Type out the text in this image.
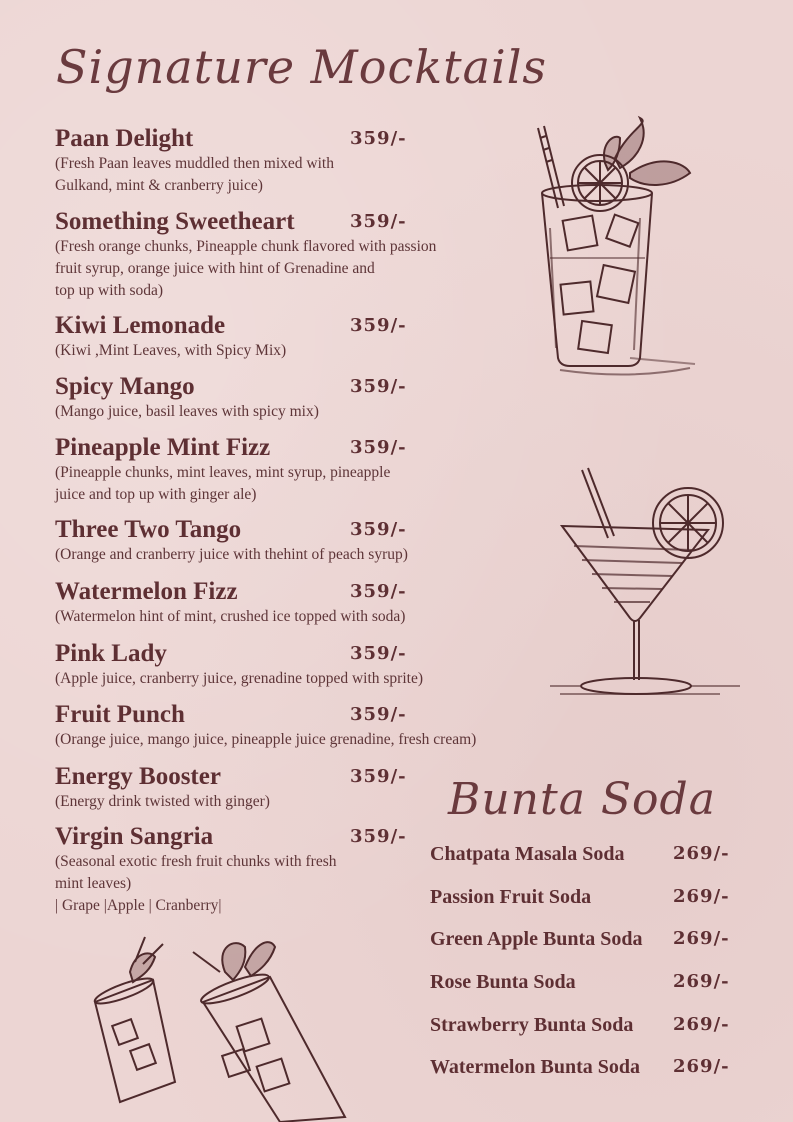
Signature Mocktails
Paan Delight	359/-
(Fresh Paan leaves muddled then mixed with
Gulkand, mint & cranberry juice)
Something Sweetheart	359/-
(Fresh orange chunks, Pineapple chunk flavored with passion
fruit syrup, orange juice with hint of Grenadine and
top up with soda)
Kiwi Lemonade	359/-
(Kiwi ,Mint Leaves, with Spicy Mix)
Spicy Mango	359/-
(Mango juice, basil leaves with spicy mix)
Pineapple Mint Fizz	359/-
(Pineapple chunks, mint leaves, mint syrup, pineapple
juice and top up with ginger ale)
Three Two Tango	359/-
(Orange and cranberry juice with thehint of peach syrup)
Watermelon Fizz	359/-
(Watermelon hint of mint, crushed ice topped with soda)
Pink Lady	359/-
(Apple juice, cranberry juice, grenadine topped with sprite)
Fruit Punch	359/-
(Orange juice, mango juice, pineapple juice grenadine, fresh cream)
Energy Booster	359/-
(Energy drink twisted with ginger)
Virgin Sangria	359/-
(Seasonal exotic fresh fruit chunks with fresh
mint leaves)
| Grape |Apple | Cranberry|
Bunta Soda
Chatpata Masala Soda	269/-
Passion Fruit Soda	269/-
Green Apple Bunta Soda 269/-
Rose Bunta Soda	269/-
Strawberry Bunta Soda 269/-
Watermelon Bunta Soda 269/-
